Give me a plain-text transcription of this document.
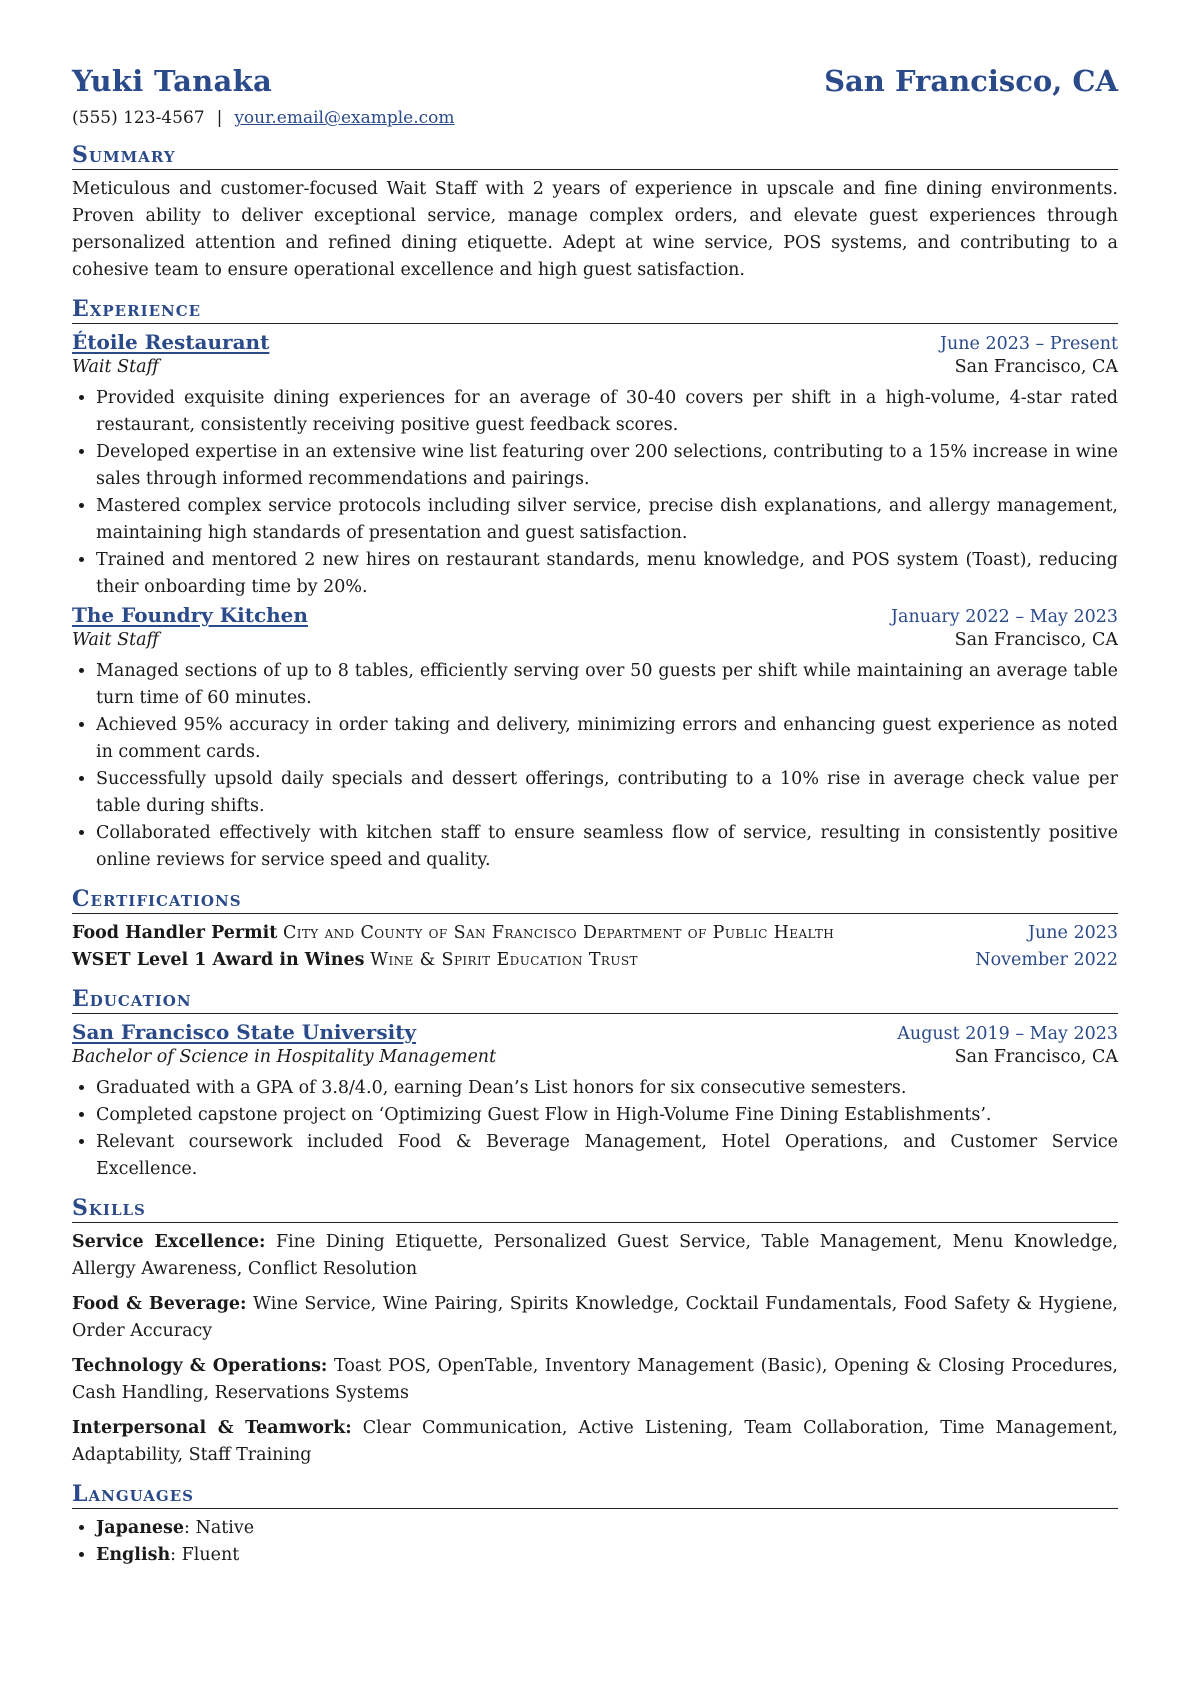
Yuki Tanaka	San Francisco, CA
(555) 123-4567 | your.email@example.com
Summary
Meticulous and customer-focused Wait Staff with 2 years of experience in upscale and fine dining environments. Proven ability to deliver exceptional service, manage complex orders, and elevate guest experiences through personalized attention and refined dining etiquette. Adept at wine service, POS systems, and contributing to a cohesive team to ensure operational excellence and high guest satisfaction.
Experience
Étoile Restaurant	June 2023 – Present
Wait Staff	San Francisco, CA
• Provided exquisite dining experiences for an average of 30-40 covers per shift in a high-volume, 4-star rated restaurant, consistently receiving positive guest feedback scores.
• Developed expertise in an extensive wine list featuring over 200 selections, contributing to a 15% increase in wine sales through informed recommendations and pairings.
• Mastered complex service protocols including silver service, precise dish explanations, and allergy management, maintaining high standards of presentation and guest satisfaction.
• Trained and mentored 2 new hires on restaurant standards, menu knowledge, and POS system (Toast), reducing their onboarding time by 20%.
The Foundry Kitchen	January 2022 – May 2023
Wait Staff	San Francisco, CA
• Managed sections of up to 8 tables, efficiently serving over 50 guests per shift while maintaining an average table turn time of 60 minutes.
• Achieved 95% accuracy in order taking and delivery, minimizing errors and enhancing guest experience as noted in comment cards.
• Successfully upsold daily specials and dessert offerings, contributing to a 10% rise in average check value per table during shifts.
• Collaborated effectively with kitchen staff to ensure seamless flow of service, resulting in consistently positive online reviews for service speed and quality.
Certifications
Food Handler Permit City and County of San Francisco Department of Public Health	June 2023
WSET Level 1 Award in Wines Wine & Spirit Education Trust	November 2022
Education
San Francisco State University	August 2019 – May 2023
Bachelor of Science in Hospitality Management	San Francisco, CA
• Graduated with a GPA of 3.8/4.0, earning Dean’s List honors for six consecutive semesters.
• Completed capstone project on ‘Optimizing Guest Flow in High-Volume Fine Dining Establishments’.
• Relevant coursework included Food & Beverage Management, Hotel Operations, and Customer Service Excellence.
Skills
Service Excellence: Fine Dining Etiquette, Personalized Guest Service, Table Management, Menu Knowledge, Allergy Awareness, Conflict Resolution
Food & Beverage: Wine Service, Wine Pairing, Spirits Knowledge, Cocktail Fundamentals, Food Safety & Hygiene, Order Accuracy
Technology & Operations: Toast POS, OpenTable, Inventory Management (Basic), Opening & Closing Procedures, Cash Handling, Reservations Systems
Interpersonal & Teamwork: Clear Communication, Active Listening, Team Collaboration, Time Management, Adaptability, Staff Training
Languages
• Japanese: Native
• English: Fluent
